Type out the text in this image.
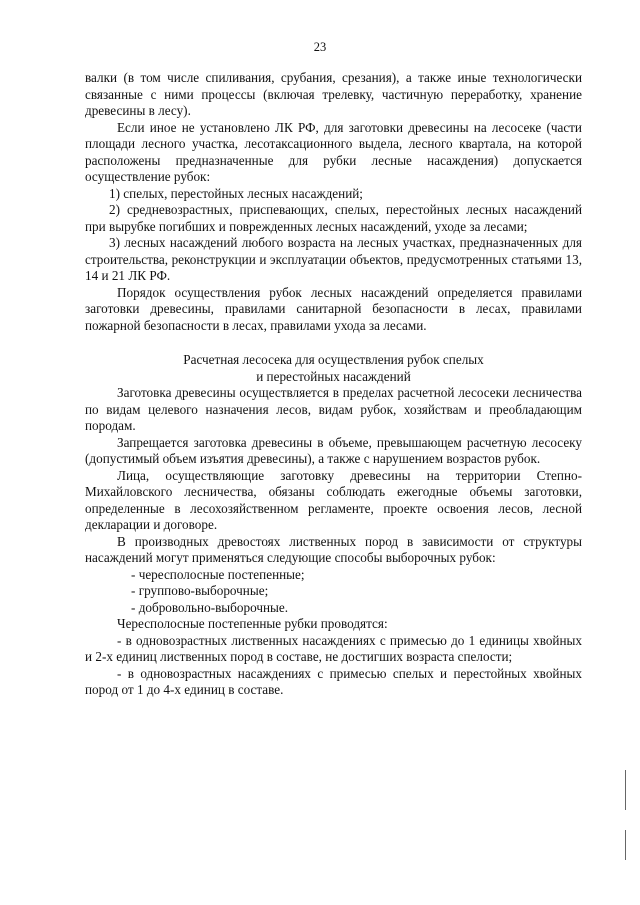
23

валки (в том числе спиливания, срубания, срезания), а также иные технологически связанные с ними процессы (включая трелевку, частичную переработку, хранение древесины в лесу).

Если иное не установлено ЛК РФ, для заготовки древесины на лесосеке (части площади лесного участка, лесотаксационного выдела, лесного квартала, на которой расположены предназначенные для рубки лесные насаждения) допускается осуществление рубок:

1) спелых, перестойных лесных насаждений;

2) средневозрастных, приспевающих, спелых, перестойных лесных насаждений при вырубке погибших и поврежденных лесных насаждений, уходе за лесами;

3) лесных насаждений любого возраста на лесных участках, предназначенных для строительства, реконструкции и эксплуатации объектов, предусмотренных статьями 13, 14 и 21 ЛК РФ.

Порядок осуществления рубок лесных насаждений определяется правилами заготовки древесины, правилами санитарной безопасности в лесах, правилами пожарной безопасности в лесах, правилами ухода за лесами.

Расчетная лесосека для осуществления рубок спелых
и перестойных насаждений

Заготовка древесины осуществляется в пределах расчетной лесосеки лесничества по видам целевого назначения лесов, видам рубок, хозяйствам и преобладающим породам.

Запрещается заготовка древесины в объеме, превышающем расчетную лесосеку (допустимый объем изъятия древесины), а также с нарушением возрастов рубок.

Лица, осуществляющие заготовку древесины на территории Степно-Михайловского лесничества, обязаны соблюдать ежегодные объемы заготовки, определенные в лесохозяйственном регламенте, проекте освоения лесов, лесной декларации и договоре.

В производных древостоях лиственных пород в зависимости от структуры насаждений могут применяться следующие способы выборочных рубок:

- чересполосные постепенные;

- группово-выборочные;

- добровольно-выборочные.

Чересполосные постепенные рубки проводятся:

- в одновозрастных лиственных насаждениях с примесью до 1 единицы хвойных и 2-х единиц лиственных пород в составе, не достигших возраста спелости;

- в одновозрастных насаждениях с примесью спелых и перестойных хвойных пород от 1 до 4-х единиц в составе.
